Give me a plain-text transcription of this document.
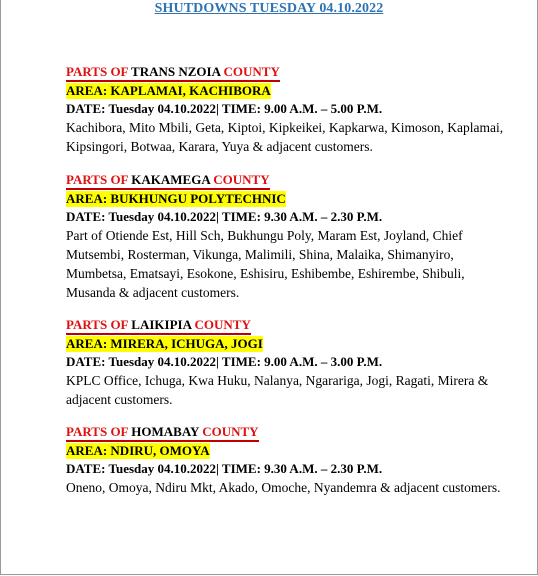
SHUTDOWNS TUESDAY 04.10.2022
PARTS OF TRANS NZOIA COUNTY
AREA: KAPLAMAI, KACHIBORA
DATE: Tuesday 04.10.2022| TIME: 9.00 A.M. – 5.00 P.M.
Kachibora, Mito Mbili, Geta, Kiptoi, Kipkeikei, Kapkarwa, Kimoson, Kaplamai, Kipsingori, Botwaa, Karara, Yuya & adjacent customers.
PARTS OF KAKAMEGA COUNTY
AREA: BUKHUNGU POLYTECHNIC
DATE: Tuesday 04.10.2022| TIME: 9.30 A.M. – 2.30 P.M.
Part of Otiende Est, Hill Sch, Bukhungu Poly, Maram Est, Joyland, Chief Mutsembi, Rosterman, Vikunga, Malimili, Shina, Malaika, Shimanyiro, Mumbetsa, Ematsayi, Esokone, Eshisiru, Eshibembe, Eshirembe, Shibuli, Musanda & adjacent customers.
PARTS OF LAIKIPIA COUNTY
AREA: MIRERA, ICHUGA, JOGI
DATE: Tuesday 04.10.2022| TIME: 9.00 A.M. – 3.00 P.M.
KPLC Office, Ichuga, Kwa Huku, Nalanya, Ngarariga, Jogi, Ragati, Mirera & adjacent customers.
PARTS OF HOMABAY COUNTY
AREA: NDIRU, OMOYA
DATE: Tuesday 04.10.2022| TIME: 9.30 A.M. – 2.30 P.M.
Oneno, Omoya, Ndiru Mkt, Akado, Omoche, Nyandemra & adjacent customers.
